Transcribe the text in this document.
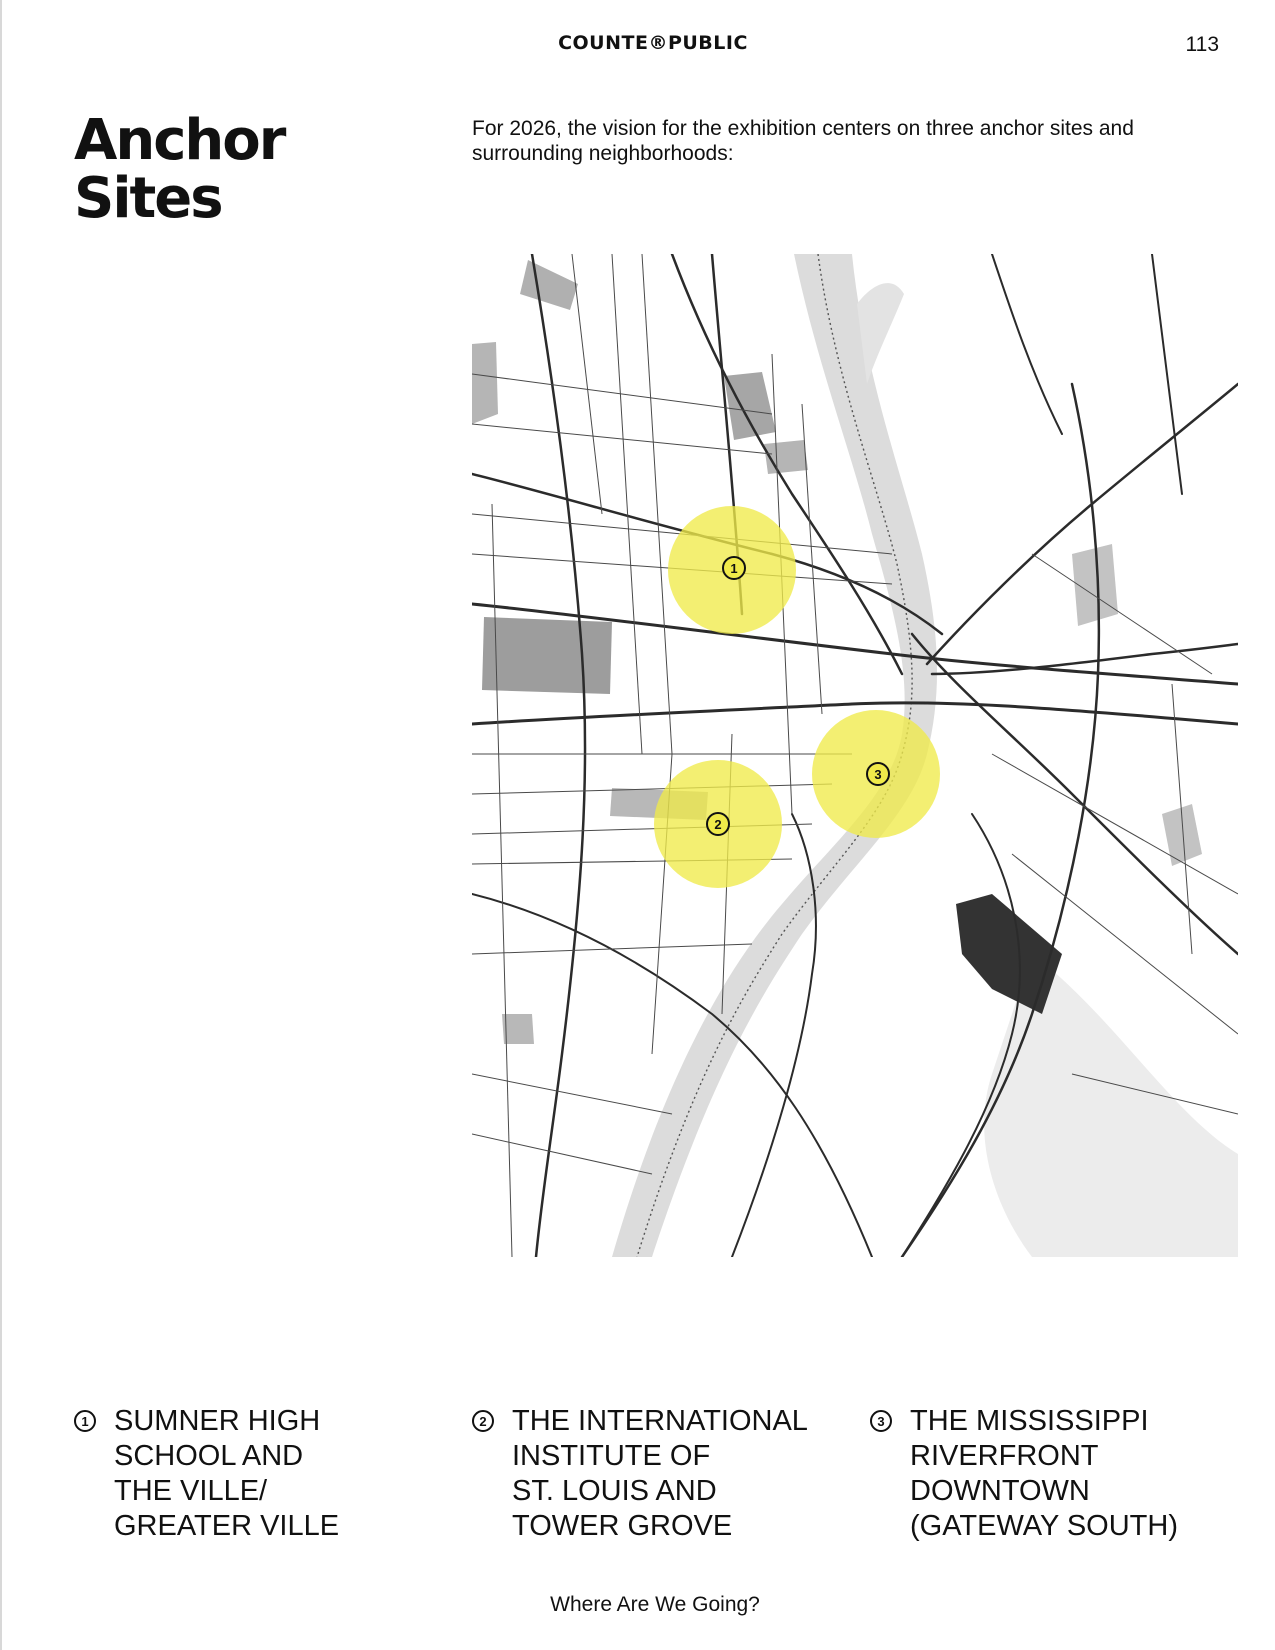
COUNTE®PUBLIC	113
Anchor
Sites

For 2026, the vision for the exhibition centers on three anchor sites and surrounding neighborhoods:

1
2
3
1 SUMNER HIGH
SCHOOL AND
THE VILLE/
GREATER VILLE
2 THE INTERNATIONAL
INSTITUTE OF
ST. LOUIS AND
TOWER GROVE
3 THE MISSISSIPPI
RIVERFRONT
DOWNTOWN
(GATEWAY SOUTH)
Where Are We Going?
